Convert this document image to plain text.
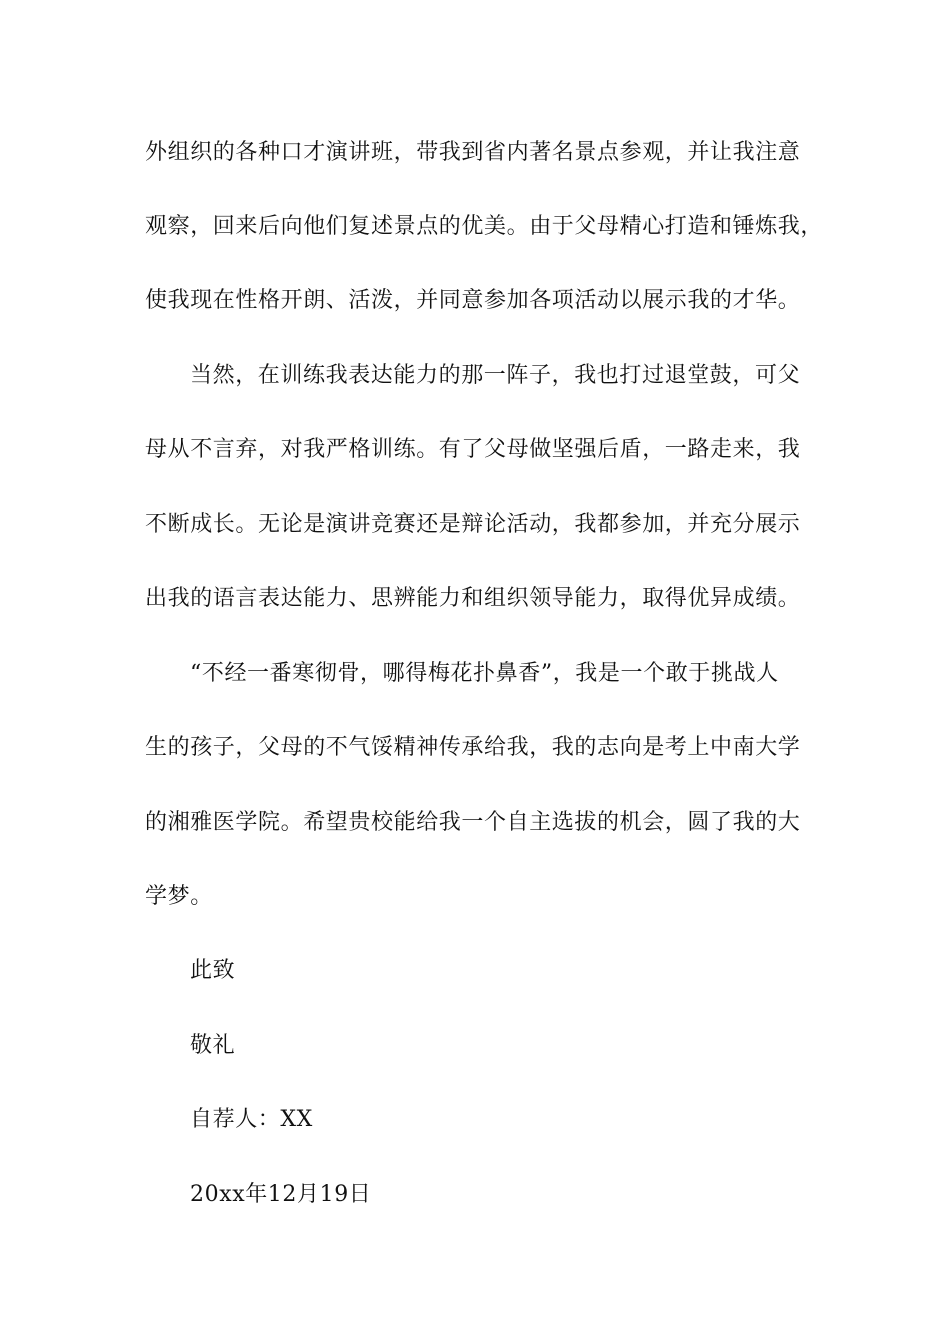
外组织的各种口才演讲班，带我到省内著名景点参观，并让我注意
观察，回来后向他们复述景点的优美。由于父母精心打造和锤炼我，
使我现在性格开朗、活泼，并同意参加各项活动以展示我的才华。
当然，在训练我表达能力的那一阵子，我也打过退堂鼓，可父
母从不言弃，对我严格训练。有了父母做坚强后盾，一路走来，我
不断成长。无论是演讲竞赛还是辩论活动，我都参加，并充分展示
出我的语言表达能力、思辨能力和组织领导能力，取得优异成绩。
“不经一番寒彻骨，哪得梅花扑鼻香”，我是一个敢于挑战人
生的孩子，父母的不气馁精神传承给我，我的志向是考上中南大学
的湘雅医学院。希望贵校能给我一个自主选拔的机会，圆了我的大
学梦。
此致
敬礼
自荐人：XX
20xx年12月19日
